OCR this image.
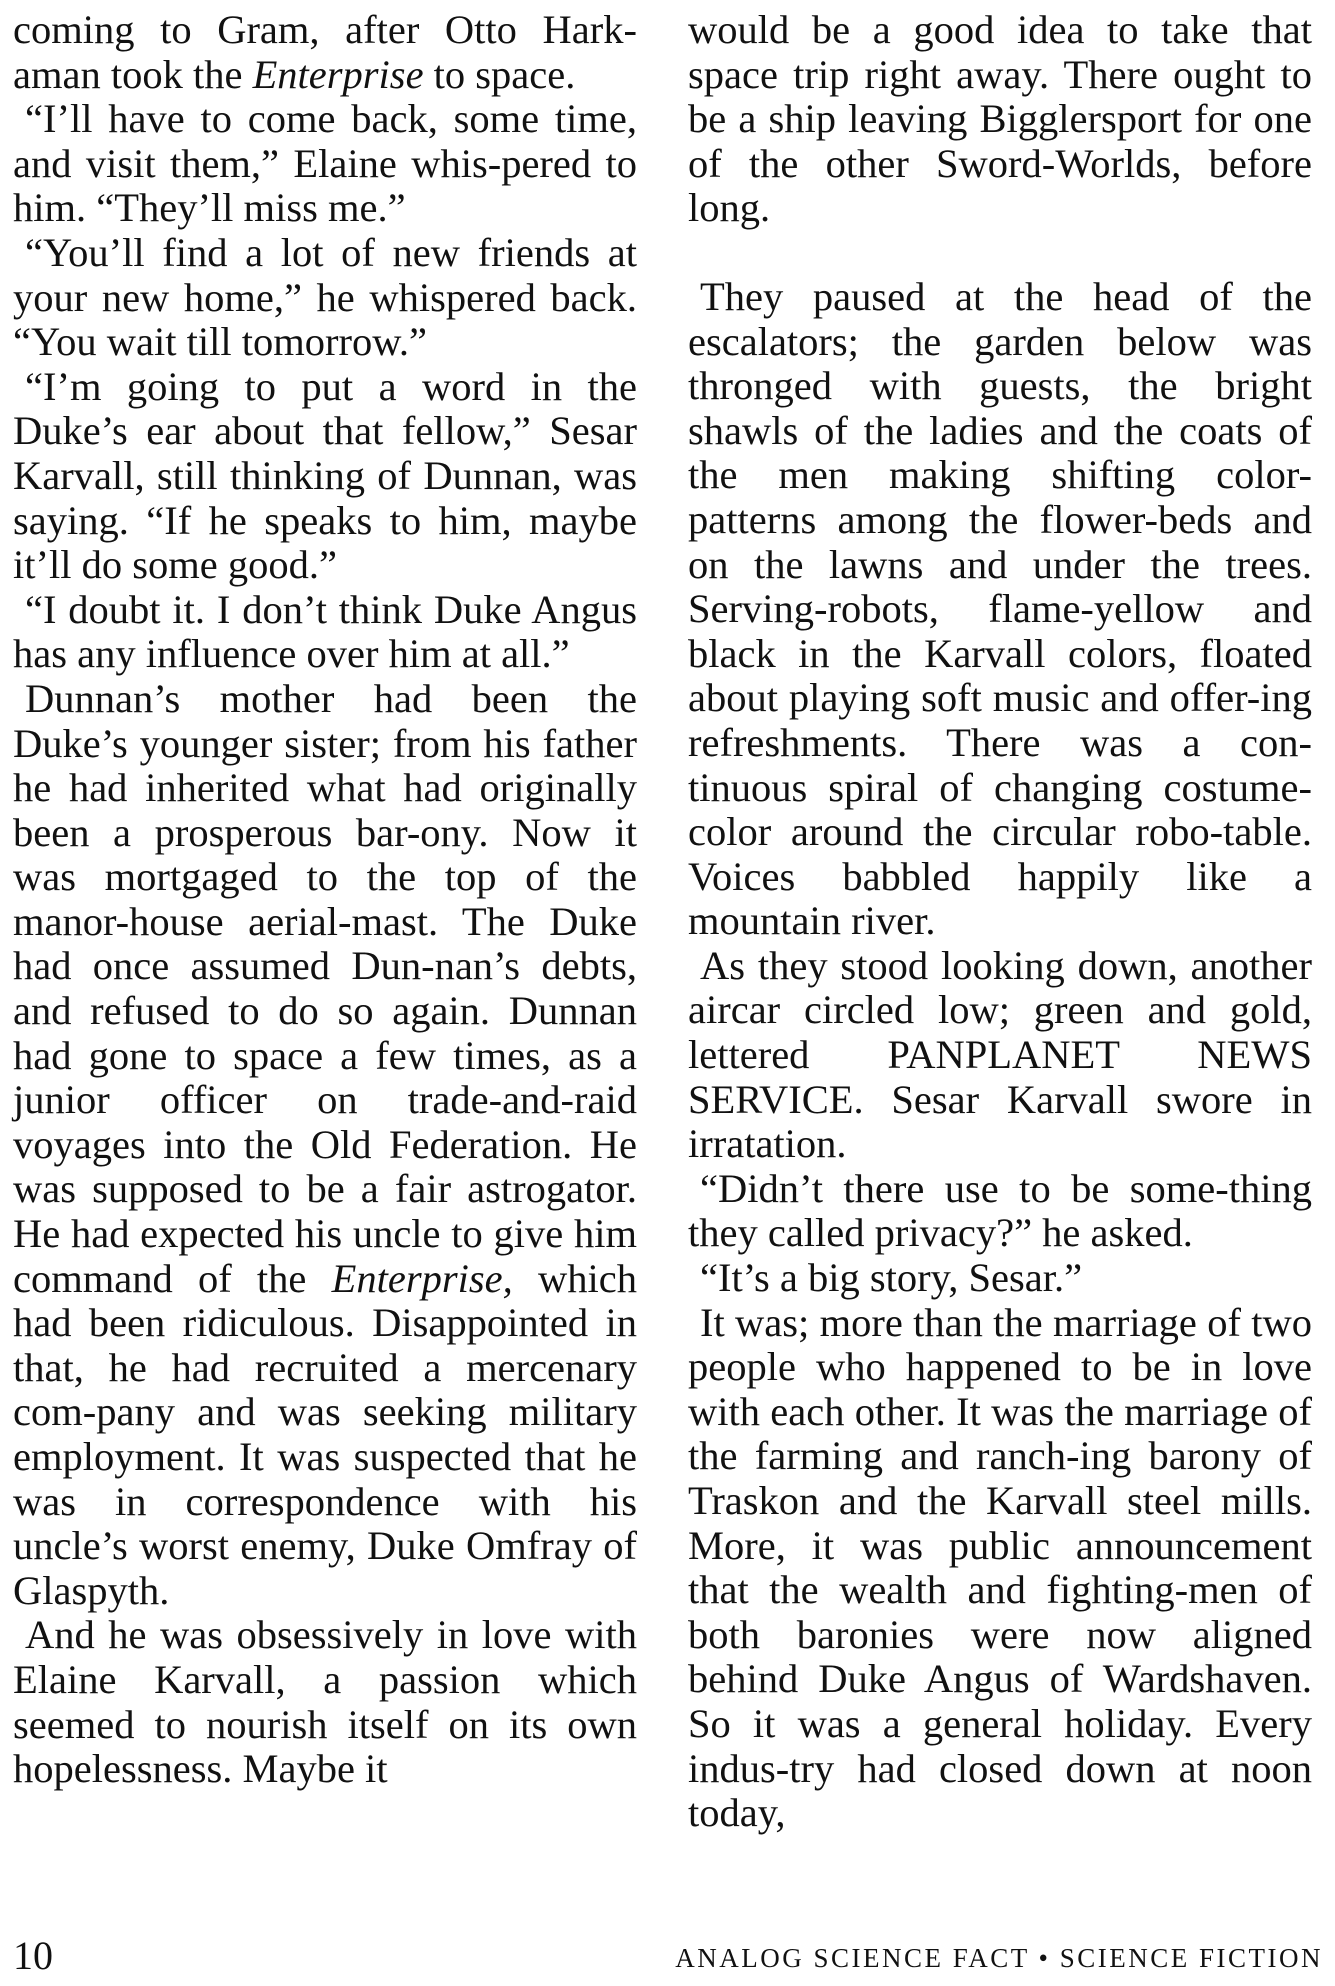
coming to Gram, after Otto Hark-aman took the Enterprise to space.

“I’ll have to come back, some time, and visit them,” Elaine whis-pered to him. “They’ll miss me.”

“You’ll find a lot of new friends at your new home,” he whispered back. “You wait till tomorrow.”

“I’m going to put a word in the Duke’s ear about that fellow,” Sesar Karvall, still thinking of Dunnan, was saying. “If he speaks to him, maybe it’ll do some good.”

“I doubt it. I don’t think Duke Angus has any influence over him at all.”

Dunnan’s mother had been the Duke’s younger sister; from his father he had inherited what had originally been a prosperous bar-ony. Now it was mortgaged to the top of the manor-house aerial-mast. The Duke had once assumed Dun-nan’s debts, and refused to do so again. Dunnan had gone to space a few times, as a junior officer on trade-and-raid voyages into the Old Federation. He was supposed to be a fair astrogator. He had expected his uncle to give him command of the Enterprise, which had been ridiculous. Disappointed in that, he had recruited a mercenary com-pany and was seeking military employment. It was suspected that he was in correspondence with his uncle’s worst enemy, Duke Omfray of Glaspyth.

And he was obsessively in love with Elaine Karvall, a passion which seemed to nourish itself on its own hopelessness. Maybe it

would be a good idea to take that space trip right away. There ought to be a ship leaving Bigglersport for one of the other Sword-Worlds, before long.

They paused at the head of the escalators; the garden below was thronged with guests, the bright shawls of the ladies and the coats of the men making shifting color-patterns among the flower-beds and on the lawns and under the trees. Serving-robots, flame-yellow and black in the Karvall colors, floated about playing soft music and offer-ing refreshments. There was a con-tinuous spiral of changing costume-color around the circular robo-table. Voices babbled happily like a mountain river.

As they stood looking down, another aircar circled low; green and gold, lettered PANPLANET NEWS SERVICE. Sesar Karvall swore in irratation.

“Didn’t there use to be some-thing they called privacy?” he asked.

“It’s a big story, Sesar.”

It was; more than the marriage of two people who happened to be in love with each other. It was the marriage of the farming and ranch-ing barony of Traskon and the Karvall steel mills. More, it was public announcement that the wealth and fighting-men of both baronies were now aligned behind Duke Angus of Wardshaven. So it was a general holiday. Every indus-try had closed down at noon today,

10	ANALOG SCIENCE FACT • SCIENCE FICTION
